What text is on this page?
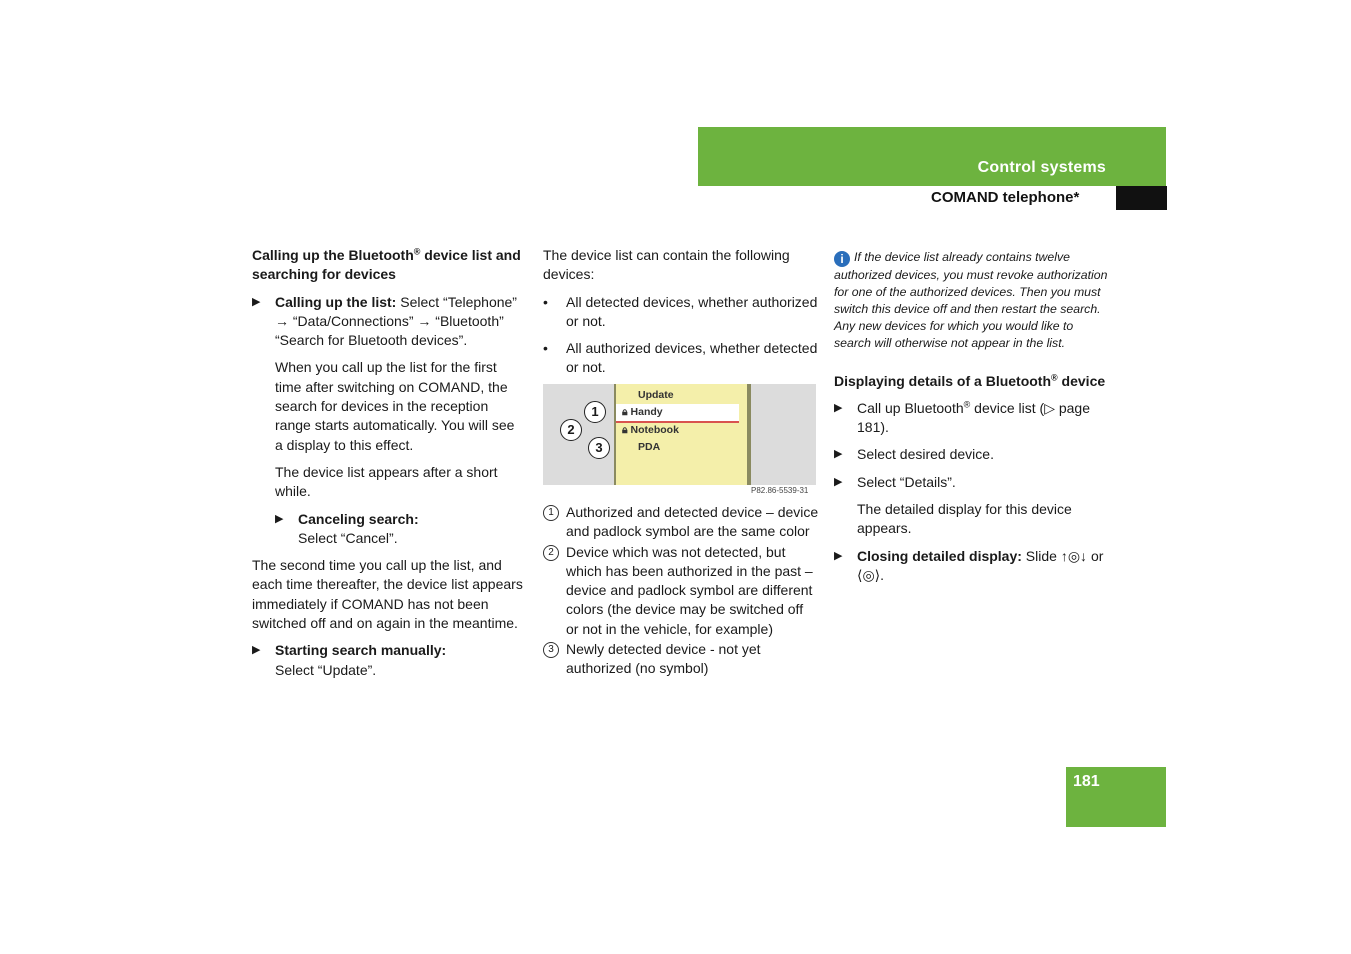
Control systems
COMAND telephone*

Calling up the Bluetooth® device list and searching for devices

▶ Calling up the list: Select “Telephone” → “Data/Connections” → “Bluetooth” “Search for Bluetooth devices”.

When you call up the list for the first time after switching on COMAND, the search for devices in the reception range starts automatically. You will see a display to this effect.

The device list appears after a short while.

▶ Canceling search:
Select “Cancel”.

The second time you call up the list, and each time thereafter, the device list appears immediately if COMAND has not been switched off and on again in the meantime.

▶ Starting search manually:
Select “Update”.

The device list can contain the following devices:

• All detected devices, whether authorized or not.
• All authorized devices, whether detected or not.
Update
🔒︎ Handy
🔒︎ Notebook
PDA
1
2
3
P82.86-5539-31
1 Authorized and detected device – device and padlock symbol are the same color
2 Device which was not detected, but which has been authorized in the past – device and padlock symbol are different colors (the device may be switched off or not in the vehicle, for example)
3 Newly detected device - not yet authorized (no symbol)

i If the device list already contains twelve authorized devices, you must revoke authorization for one of the authorized devices. Then you must switch this device off and then restart the search. Any new devices for which you would like to search will otherwise not appear in the list.

Displaying details of a Bluetooth® device

▶ Call up Bluetooth® device list (▷ page 181).
▶ Select desired device.
▶ Select “Details”.

The detailed display for this device appears.

▶ Closing detailed display: Slide ↑◎↓ or ⟨◎⟩.
181
